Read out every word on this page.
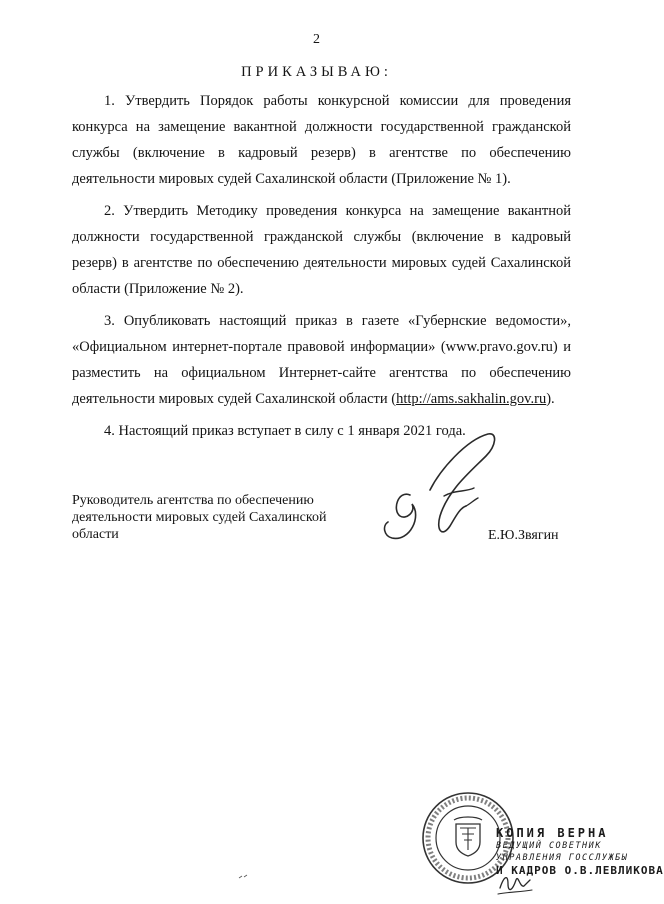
2
ПРИКАЗЫВАЮ:

1. Утвердить Порядок работы конкурсной комиссии для проведения конкурса на замещение вакантной должности государственной гражданской службы (включение в кадровый резерв) в агентстве по обеспечению деятельности мировых судей Сахалинской области (Приложение № 1).

2. Утвердить Методику проведения конкурса на замещение вакантной должности государственной гражданской службы (включение в кадровый резерв) в агентстве по обеспечению деятельности мировых судей Сахалинской области (Приложение № 2).

3. Опубликовать настоящий приказ в газете «Губернские ведомости», «Официальном интернет-портале правовой информации» (www.pravo.gov.ru) и разместить на официальном Интернет-сайте агентства по обеспечению деятельности мировых судей Сахалинской области (http://ams.sakhalin.gov.ru).

4. Настоящий приказ вступает в силу с 1 января 2021 года.

Руководитель агентства по обеспечению деятельности мировых судей Сахалинской области	Е.Ю.Звягин
КОПИЯ ВЕРНА
ВЕДУЩИЙ СОВЕТНИК
УПРАВЛЕНИЯ ГОССЛУЖБЫ
И КАДРОВ О.В.ЛЕВЛИКОВА
